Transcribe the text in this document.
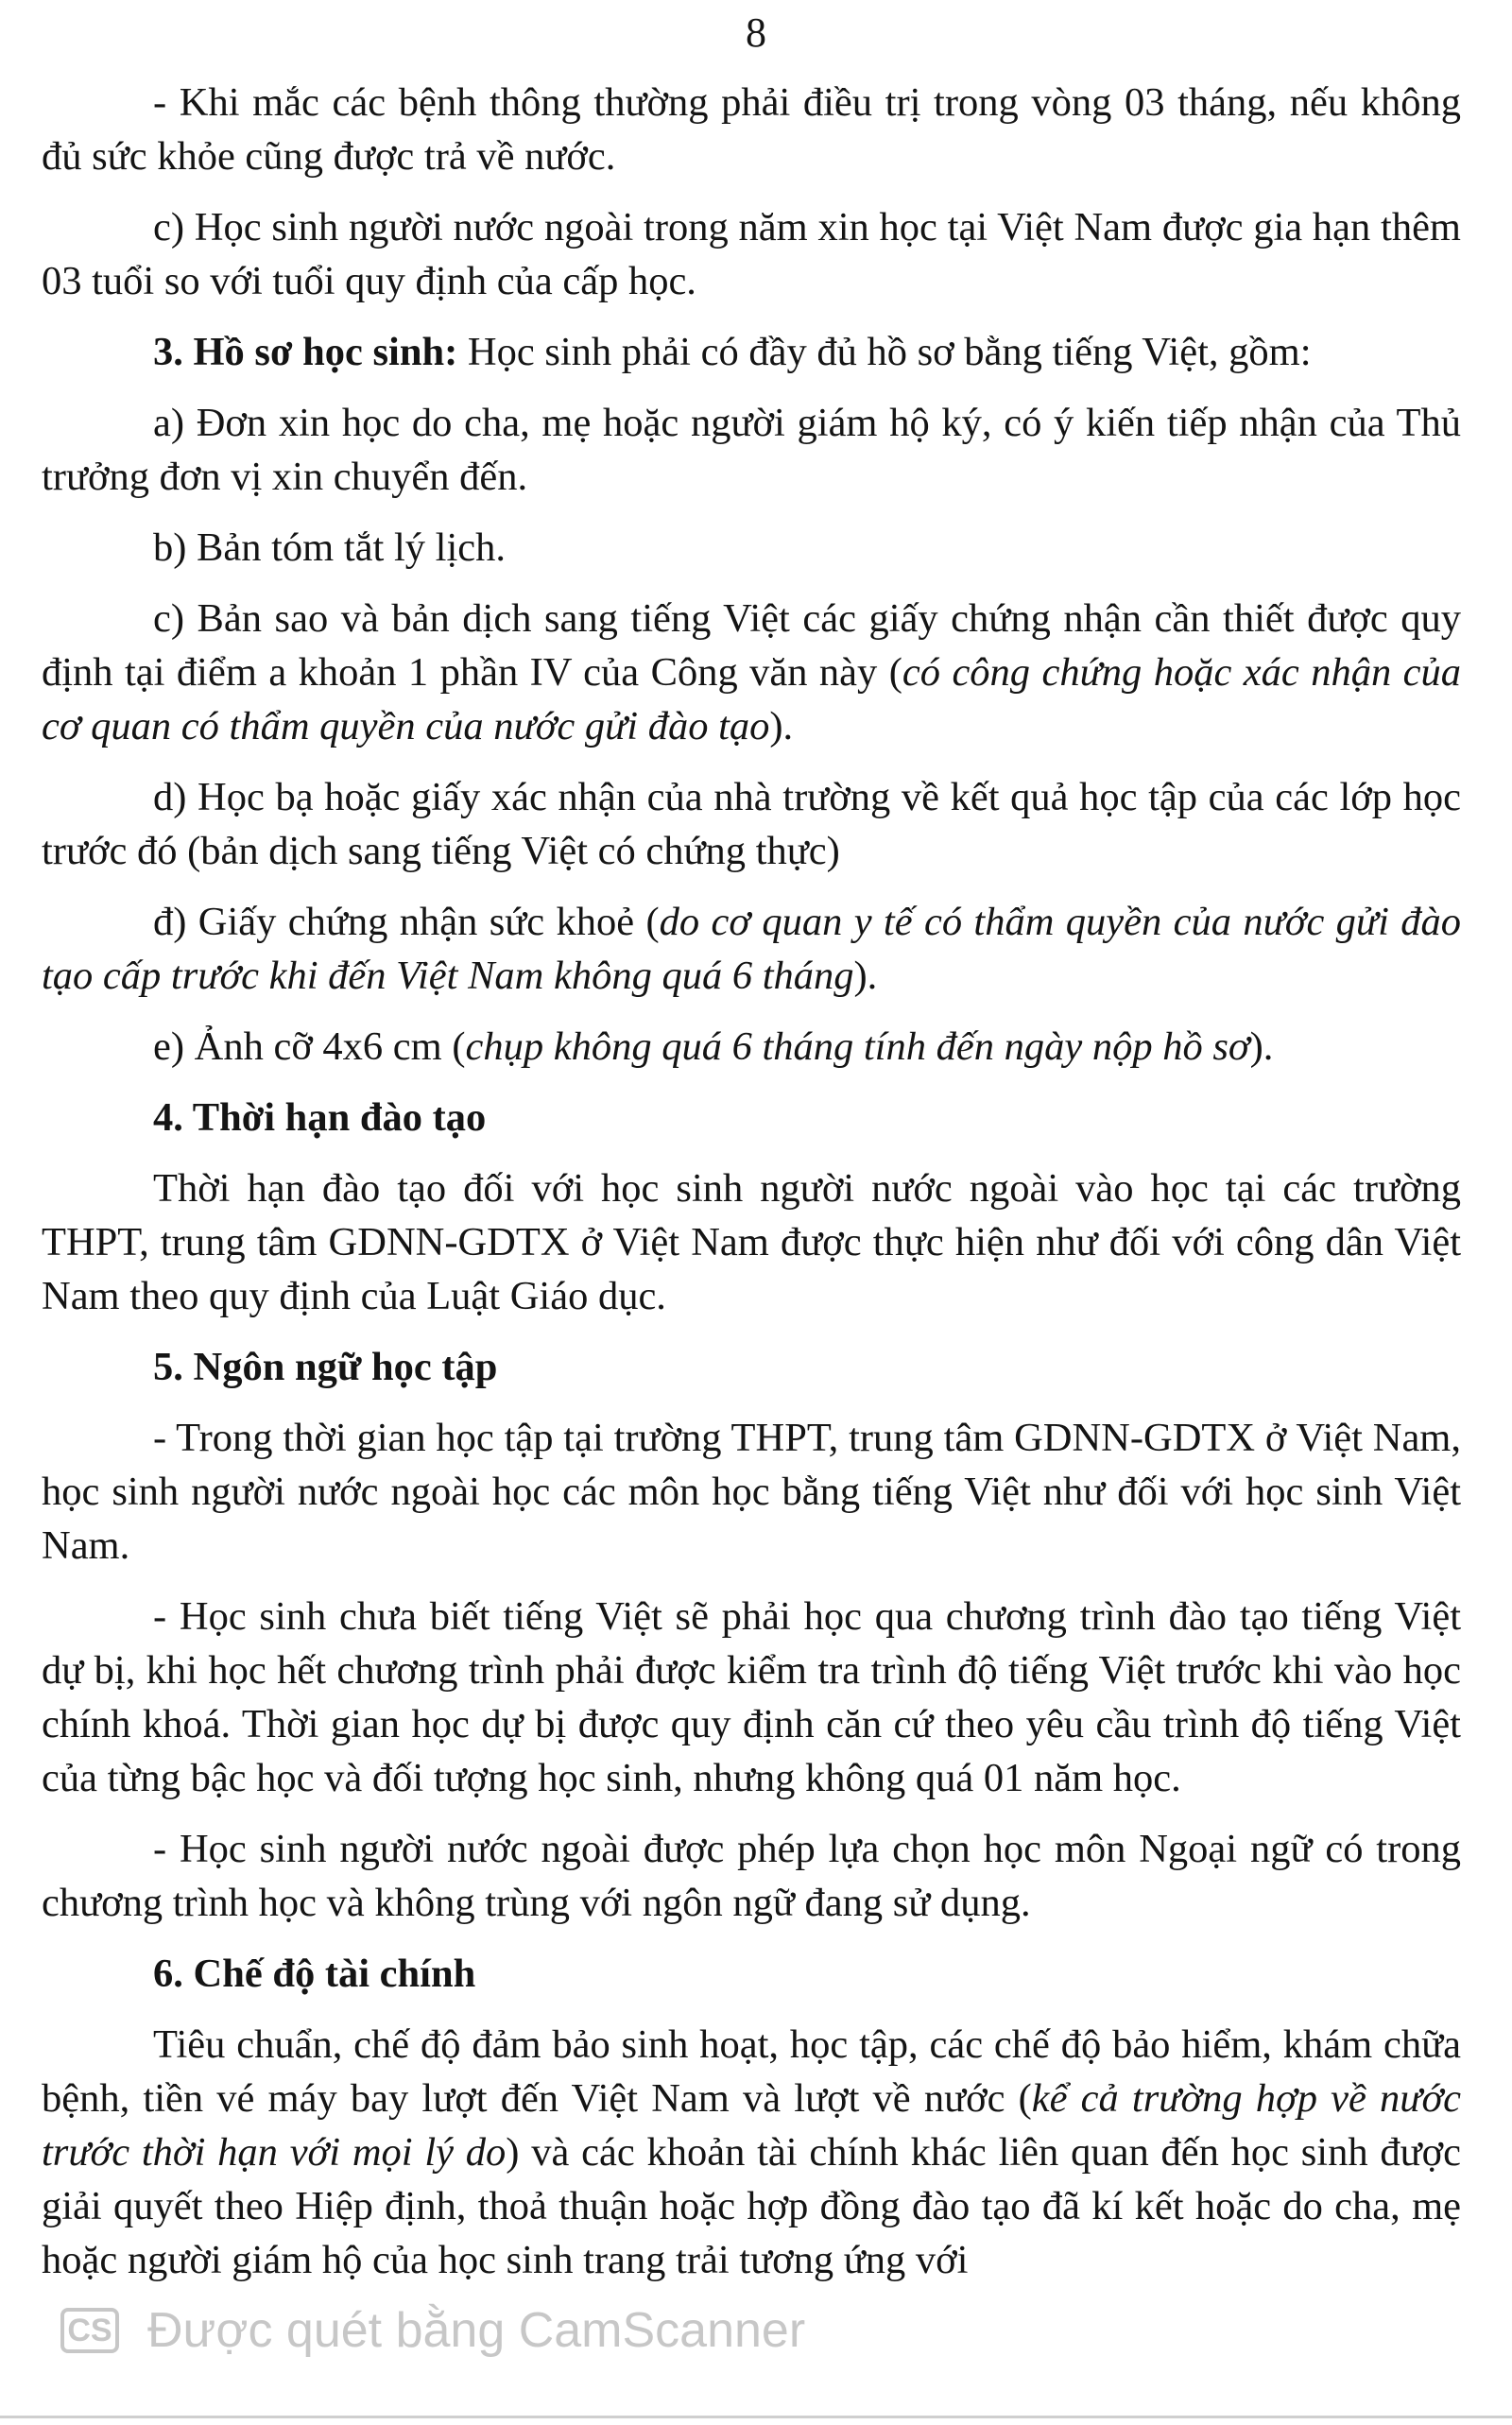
8

- Khi mắc các bệnh thông thường phải điều trị trong vòng 03 tháng, nếu không đủ sức khỏe cũng được trả về nước.

c) Học sinh người nước ngoài trong năm xin học tại Việt Nam được gia hạn thêm 03 tuổi so với tuổi quy định của cấp học.

3. Hồ sơ học sinh: Học sinh phải có đầy đủ hồ sơ bằng tiếng Việt, gồm:

a) Đơn xin học do cha, mẹ hoặc người giám hộ ký, có ý kiến tiếp nhận của Thủ trưởng đơn vị xin chuyển đến.

b) Bản tóm tắt lý lịch.

c) Bản sao và bản dịch sang tiếng Việt các giấy chứng nhận cần thiết được quy định tại điểm a khoản 1 phần IV của Công văn này (có công chứng hoặc xác nhận của cơ quan có thẩm quyền của nước gửi đào tạo).

d) Học bạ hoặc giấy xác nhận của nhà trường về kết quả học tập của các lớp học trước đó (bản dịch sang tiếng Việt có chứng thực)

đ) Giấy chứng nhận sức khoẻ (do cơ quan y tế có thẩm quyền của nước gửi đào tạo cấp trước khi đến Việt Nam không quá 6 tháng).

e) Ảnh cỡ 4x6 cm (chụp không quá 6 tháng tính đến ngày nộp hồ sơ).

4. Thời hạn đào tạo

Thời hạn đào tạo đối với học sinh người nước ngoài vào học tại các trường THPT, trung tâm GDNN-GDTX ở Việt Nam được thực hiện như đối với công dân Việt Nam theo quy định của Luật Giáo dục.

5. Ngôn ngữ học tập

- Trong thời gian học tập tại trường THPT, trung tâm GDNN-GDTX ở Việt Nam, học sinh người nước ngoài học các môn học bằng tiếng Việt như đối với học sinh Việt Nam.

- Học sinh chưa biết tiếng Việt sẽ phải học qua chương trình đào tạo tiếng Việt dự bị, khi học hết chương trình phải được kiểm tra trình độ tiếng Việt trước khi vào học chính khoá. Thời gian học dự bị được quy định căn cứ theo yêu cầu trình độ tiếng Việt của từng bậc học và đối tượng học sinh, nhưng không quá 01 năm học.

- Học sinh người nước ngoài được phép lựa chọn học môn Ngoại ngữ có trong chương trình học và không trùng với ngôn ngữ đang sử dụng.

6. Chế độ tài chính

Tiêu chuẩn, chế độ đảm bảo sinh hoạt, học tập, các chế độ bảo hiểm, khám chữa bệnh, tiền vé máy bay lượt đến Việt Nam và lượt về nước (kể cả trường hợp về nước trước thời hạn với mọi lý do) và các khoản tài chính khác liên quan đến học sinh được giải quyết theo Hiệp định, thoả thuận hoặc hợp đồng đào tạo đã kí kết hoặc do cha, mẹ hoặc người giám hộ của học sinh trang trải tương ứng với

CS Được quét bằng CamScanner
